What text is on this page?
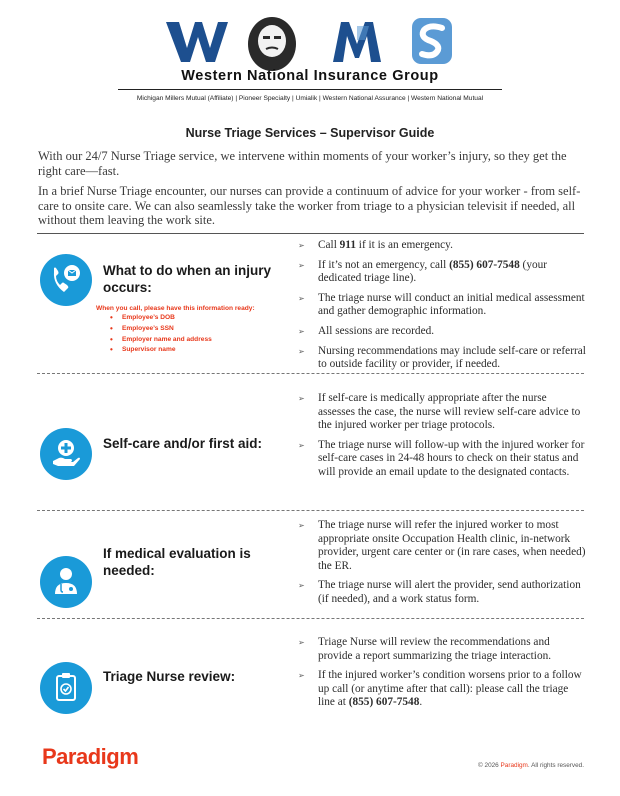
Western National Insurance Group
Michigan Millers Mutual (Affiliate) | Pioneer Specialty | Umialik | Western National Assurance | Western National Mutual
Nurse Triage Services – Supervisor Guide

With our 24/7 Nurse Triage service, we intervene within moments of your worker’s injury, so they get the right care—fast.

In a brief Nurse Triage encounter, our nurses can provide a continuum of advice for your worker - from self-care to onsite care. We can also seamlessly take the worker from triage to a physician televisit if needed, all without them leaving the work site.

What to do when an injury occurs:
When you call, please have this information ready:
• Employee’s DOB
• Employee’s SSN
• Employer name and address
• Supervisor name
➢ Call 911 if it is an emergency.
➢ If it’s not an emergency, call (855) 607-7548 (your dedicated triage line).
➢ The triage nurse will conduct an initial medical assessment and gather demographic information.
➢ All sessions are recorded.
➢ Nursing recommendations may include self-care or referral to outside facility or provider, if needed.
Self-care and/or first aid:
➢ If self-care is medically appropriate after the nurse assesses the case, the nurse will review self-care advice to the injured worker per triage protocols.
➢ The triage nurse will follow-up with the injured worker for self-care cases in 24-48 hours to check on their status and will provide an email update to the designated contacts.
If medical evaluation is needed:
➢ The triage nurse will refer the injured worker to most appropriate onsite Occupation Health clinic, in-network provider, urgent care center or (in rare cases, when needed) the ER.
➢ The triage nurse will alert the provider, send authorization (if needed), and a work status form.
Triage Nurse review:
➢ Triage Nurse will review the recommendations and provide a report summarizing the triage interaction.
➢ If the injured worker’s condition worsens prior to a follow up call (or anytime after that call): please call the triage line at (855) 607-7548.
Paradigm	© 2026 Paradigm. All rights reserved.
